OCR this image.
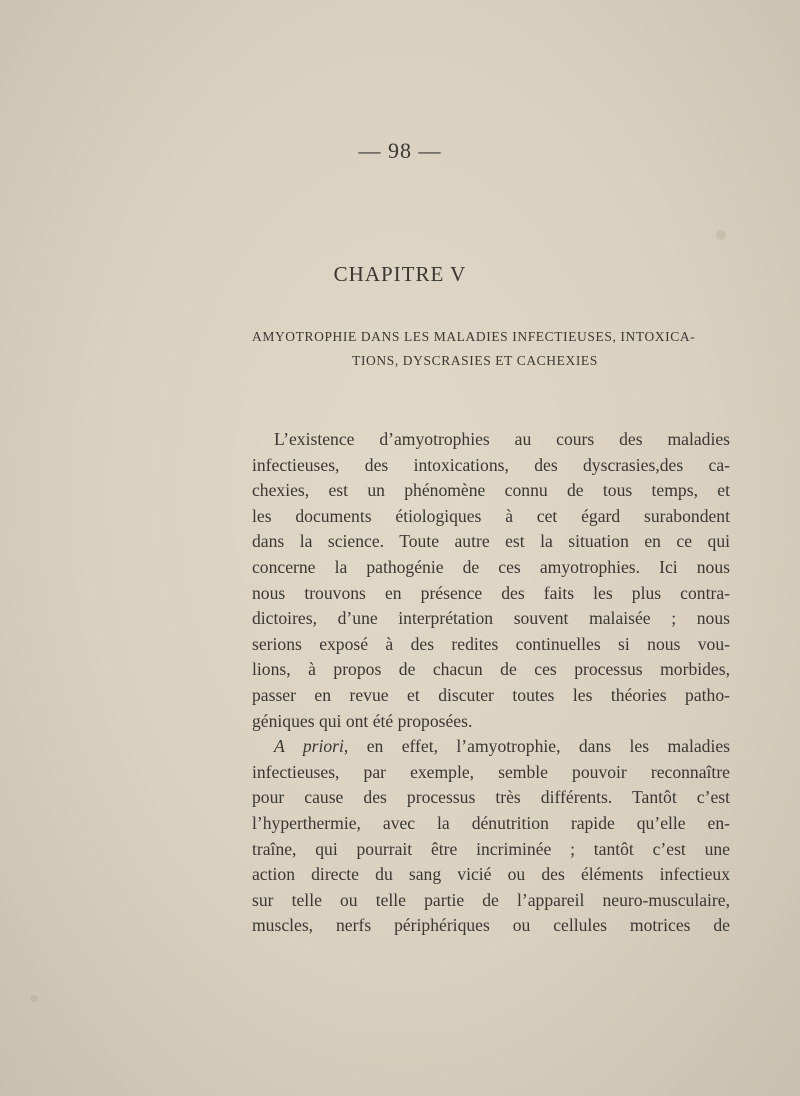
— 98 —
CHAPITRE V
AMYOTROPHIE DANS LES MALADIES INFECTIEUSES, INTOXICA-
TIONS, DYSCRASIES ET CACHEXIES
L’existence d’amyotrophies au cours des maladies
infectieuses, des intoxications, des dyscrasies,des ca-
chexies, est un phénomène connu de tous temps, et
les documents étiologiques à cet égard surabondent
dans la science. Toute autre est la situation en ce qui
concerne la pathogénie de ces amyotrophies. Ici nous
nous trouvons en présence des faits les plus contra-
dictoires, d’une interprétation souvent malaisée ; nous
serions exposé à des redites continuelles si nous vou-
lions, à propos de chacun de ces processus morbides,
passer en revue et discuter toutes les théories patho-
géniques qui ont été proposées.
A priori, en effet, l’amyotrophie, dans les maladies
infectieuses, par exemple, semble pouvoir reconnaître
pour cause des processus très différents. Tantôt c’est
l’hyperthermie, avec la dénutrition rapide qu’elle en-
traîne, qui pourrait être incriminée ; tantôt c’est une
action directe du sang vicié ou des éléments infectieux
sur telle ou telle partie de l’appareil neuro-musculaire,
muscles, nerfs périphériques ou cellules motrices de
